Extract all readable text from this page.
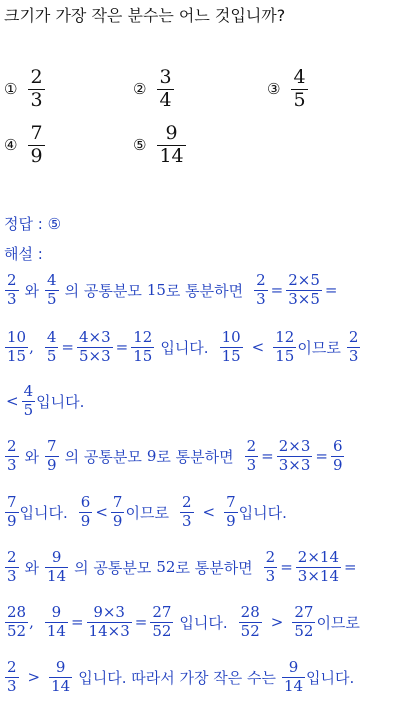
크기가 가장 작은 분수는 어느 것입니까?
① $\frac{2}{3}$	② $\frac{3}{4}$	③ $\frac{4}{5}$
④ $\frac{7}{9}$	⑤ $\frac{9}{14}$
정답 : ⑤
해설 :
$\frac{2}{3}$ 와 $\frac{4}{5}$ 의 공통분모 15 로 통분하면 $\frac{2}{3} = \frac{2\times 5}{3\times 5}$ =
$\frac{10}{15}$ , $\frac{4}{5} = \frac{4\times 3}{5\times 3} = \frac{12}{15}$ 입니다. $\frac{10}{15} < \frac{12}{15}$ 이므로 $\frac{2}{3}$
< $\frac{4}{5}$ 입니다.
$\frac{2}{3}$ 와 $\frac{7}{9}$ 의 공통분모 9 로 통분하면 $\frac{2}{3} = \frac{2\times 3}{3\times 3} = \frac{6}{9}$
$\frac{7}{9}$ 입니다. $\frac{6}{9} < \frac{7}{9}$ 이므로 $\frac{2}{3} < \frac{7}{9}$ 입니다.
$\frac{2}{3}$ 와 $\frac{9}{14}$ 의 공통분모 52 로 통분하면 $\frac{2}{3} = \frac{2\times 14}{3\times 14}$ =
$\frac{28}{52}$ , $\frac{9}{14} = \frac{9\times 3}{14\times 3} = \frac{27}{52}$ 입니다. $\frac{28}{52} > \frac{27}{52}$ 이므로
$\frac{2}{3} > \frac{9}{14}$ 입니다. 따라서 가장 작은 수는 $\frac{9}{14}$ 입니다.
